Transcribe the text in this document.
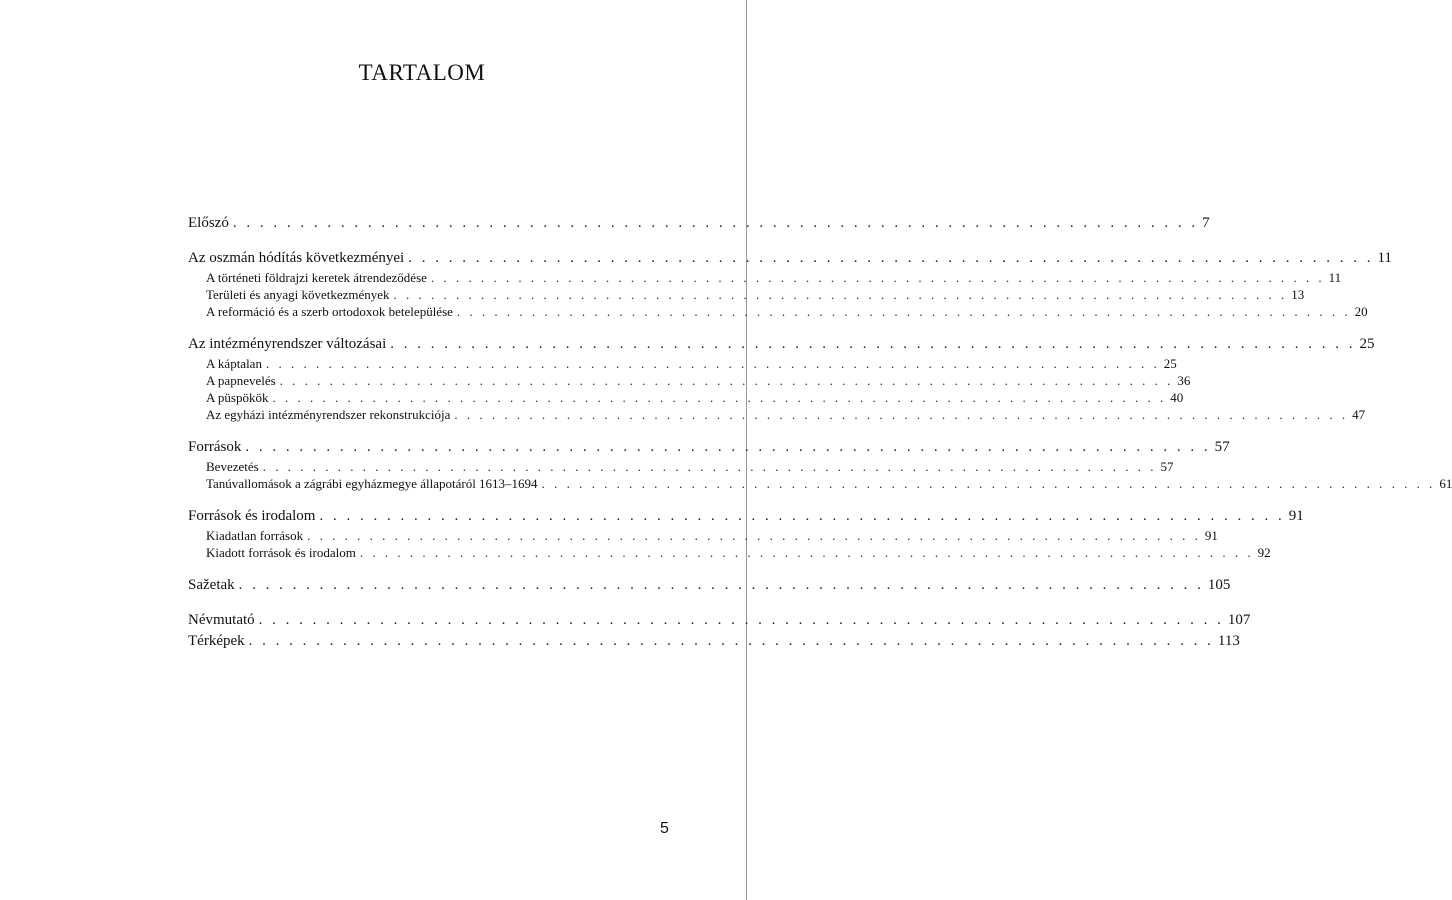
TARTALOM
Előszó . . . . . . . . . . . . . . . . . . . . . . . . . . . . . . . . . . . . . . . . . . . . . . . . . . . . . . . . . . . . . . . . . . . . . . . . 7
Az oszmán hódítás következményei . . . . . . . . . . . . . . . . . . . . . . . . . . . . . . . . . . . . . . . . . . . . . . . . . . . . . . . . . . . . . . . . . . . . . . . . 11
A történeti földrajzi keretek átrendeződése . . . . . . . . . . . . . . . . . . . . . . . . . . . . . . . . . . . . . . . . . . . . . . . . . . . . . . . . . . . . . . . . . . . . . . . . 11
Területi és anyagi következmények . . . . . . . . . . . . . . . . . . . . . . . . . . . . . . . . . . . . . . . . . . . . . . . . . . . . . . . . . . . . . . . . . . . . . . . . 13
A reformáció és a szerb ortodoxok betelepülése . . . . . . . . . . . . . . . . . . . . . . . . . . . . . . . . . . . . . . . . . . . . . . . . . . . . . . . . . . . . . . . . . . . . . . . . 20
Az intézményrendszer változásai . . . . . . . . . . . . . . . . . . . . . . . . . . . . . . . . . . . . . . . . . . . . . . . . . . . . . . . . . . . . . . . . . . . . . . . . 25
A káptalan . . . . . . . . . . . . . . . . . . . . . . . . . . . . . . . . . . . . . . . . . . . . . . . . . . . . . . . . . . . . . . . . . . . . . . . . 25
A papnevelés . . . . . . . . . . . . . . . . . . . . . . . . . . . . . . . . . . . . . . . . . . . . . . . . . . . . . . . . . . . . . . . . . . . . . . . . 36
A püspökök . . . . . . . . . . . . . . . . . . . . . . . . . . . . . . . . . . . . . . . . . . . . . . . . . . . . . . . . . . . . . . . . . . . . . . . . 40
Az egyházi intézményrendszer rekonstrukciója . . . . . . . . . . . . . . . . . . . . . . . . . . . . . . . . . . . . . . . . . . . . . . . . . . . . . . . . . . . . . . . . . . . . . . . . 47
Források . . . . . . . . . . . . . . . . . . . . . . . . . . . . . . . . . . . . . . . . . . . . . . . . . . . . . . . . . . . . . . . . . . . . . . . . 57
Bevezetés . . . . . . . . . . . . . . . . . . . . . . . . . . . . . . . . . . . . . . . . . . . . . . . . . . . . . . . . . . . . . . . . . . . . . . . . 57
Tanúvallomások a zágrábi egyházmegye állapotáról 1613–1694 . . . . . . . . . . . . . . . . . . . . . . . . . . . . . . . . . . . . . . . . . . . . . . . . . . . . . . . . . . . . . . . . . . . . . . . . 61
Források és irodalom . . . . . . . . . . . . . . . . . . . . . . . . . . . . . . . . . . . . . . . . . . . . . . . . . . . . . . . . . . . . . . . . . . . . . . . . 91
Kiadatlan források . . . . . . . . . . . . . . . . . . . . . . . . . . . . . . . . . . . . . . . . . . . . . . . . . . . . . . . . . . . . . . . . . . . . . . . . 91
Kiadott források és irodalom . . . . . . . . . . . . . . . . . . . . . . . . . . . . . . . . . . . . . . . . . . . . . . . . . . . . . . . . . . . . . . . . . . . . . . . . 92
Sažetak . . . . . . . . . . . . . . . . . . . . . . . . . . . . . . . . . . . . . . . . . . . . . . . . . . . . . . . . . . . . . . . . . . . . . . . . 105
Névmutató . . . . . . . . . . . . . . . . . . . . . . . . . . . . . . . . . . . . . . . . . . . . . . . . . . . . . . . . . . . . . . . . . . . . . . . . 107
Térképek . . . . . . . . . . . . . . . . . . . . . . . . . . . . . . . . . . . . . . . . . . . . . . . . . . . . . . . . . . . . . . . . . . . . . . . . 113
5
